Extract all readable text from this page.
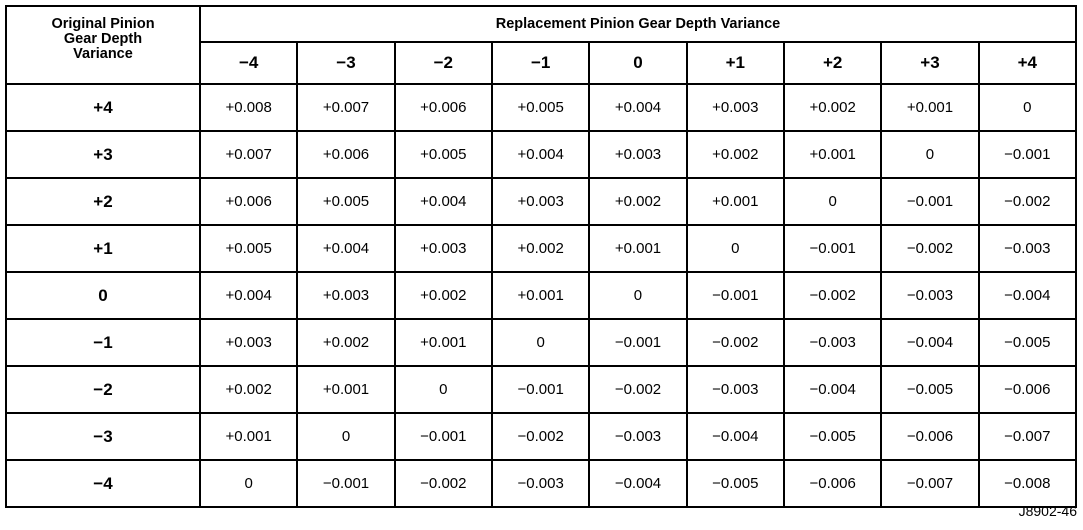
Original Pinion
Gear Depth
Variance	Replacement Pinion Gear Depth Variance								
	−4	−3	−2	−1	0	+1	+2	+3	+4
+4	+0.008	+0.007	+0.006	+0.005	+0.004	+0.003	+0.002	+0.001	0
+3	+0.007	+0.006	+0.005	+0.004	+0.003	+0.002	+0.001	0	−0.001
+2	+0.006	+0.005	+0.004	+0.003	+0.002	+0.001	0	−0.001	−0.002
+1	+0.005	+0.004	+0.003	+0.002	+0.001	0	−0.001	−0.002	−0.003
0	+0.004	+0.003	+0.002	+0.001	0	−0.001	−0.002	−0.003	−0.004
−1	+0.003	+0.002	+0.001	0	−0.001	−0.002	−0.003	−0.004	−0.005
−2	+0.002	+0.001	0	−0.001	−0.002	−0.003	−0.004	−0.005	−0.006
−3	+0.001	0	−0.001	−0.002	−0.003	−0.004	−0.005	−0.006	−0.007
−4	0	−0.001	−0.002	−0.003	−0.004	−0.005	−0.006	−0.007	−0.008
J8902-46
